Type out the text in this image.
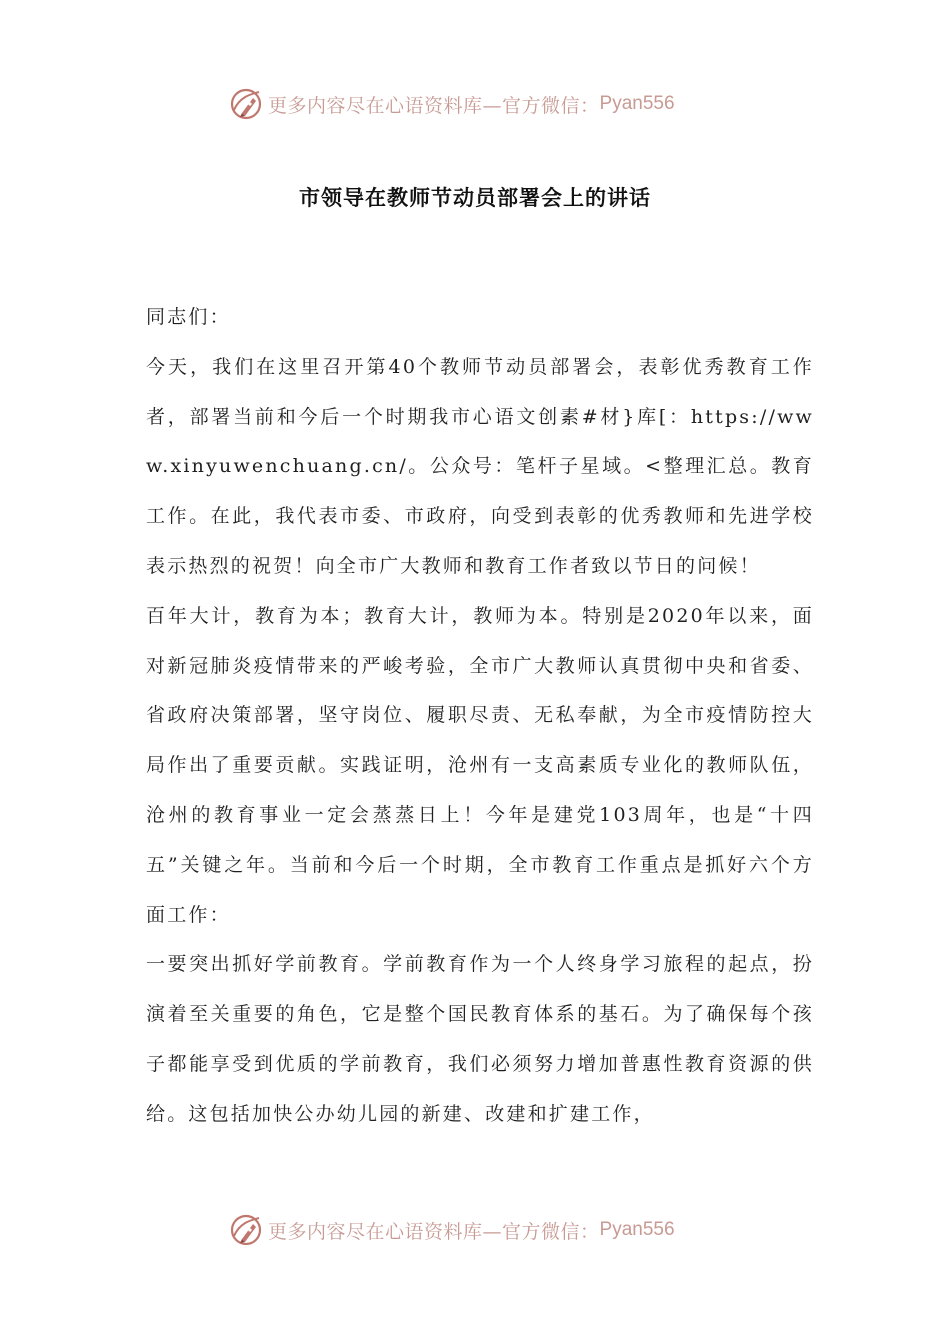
更多内容尽在心语资料库—官方微信： Pyan556
市领导在教师节动员部署会上的讲话

同志们：

今天，我们在这里召开第40个教师节动员部署会，表彰优秀教育工作者，部署当前和今后一个时期我市心语文创素#材}库[：https://www.xinyuwenchuang.cn/。公众号：笔杆子星域。<整理汇总。教育工作。在此，我代表市委、市政府，向受到表彰的优秀教师和先进学校表示热烈的祝贺！向全市广大教师和教育工作者致以节日的问候！

百年大计，教育为本；教育大计，教师为本。特别是2020年以来，面对新冠肺炎疫情带来的严峻考验，全市广大教师认真贯彻中央和省委、省政府决策部署，坚守岗位、履职尽责、无私奉献，为全市疫情防控大局作出了重要贡献。实践证明，沧州有一支高素质专业化的教师队伍，沧州的教育事业一定会蒸蒸日上！今年是建党103周年，也是“十四五”关键之年。当前和今后一个时期，全市教育工作重点是抓好六个方面工作：

一要突出抓好学前教育。学前教育作为一个人终身学习旅程的起点，扮演着至关重要的角色，它是整个国民教育体系的基石。为了确保每个孩子都能享受到优质的学前教育，我们必须努力增加普惠性教育资源的供给。这包括加快公办幼儿园的新建、改建和扩建工作，

更多内容尽在心语资料库—官方微信： Pyan556
